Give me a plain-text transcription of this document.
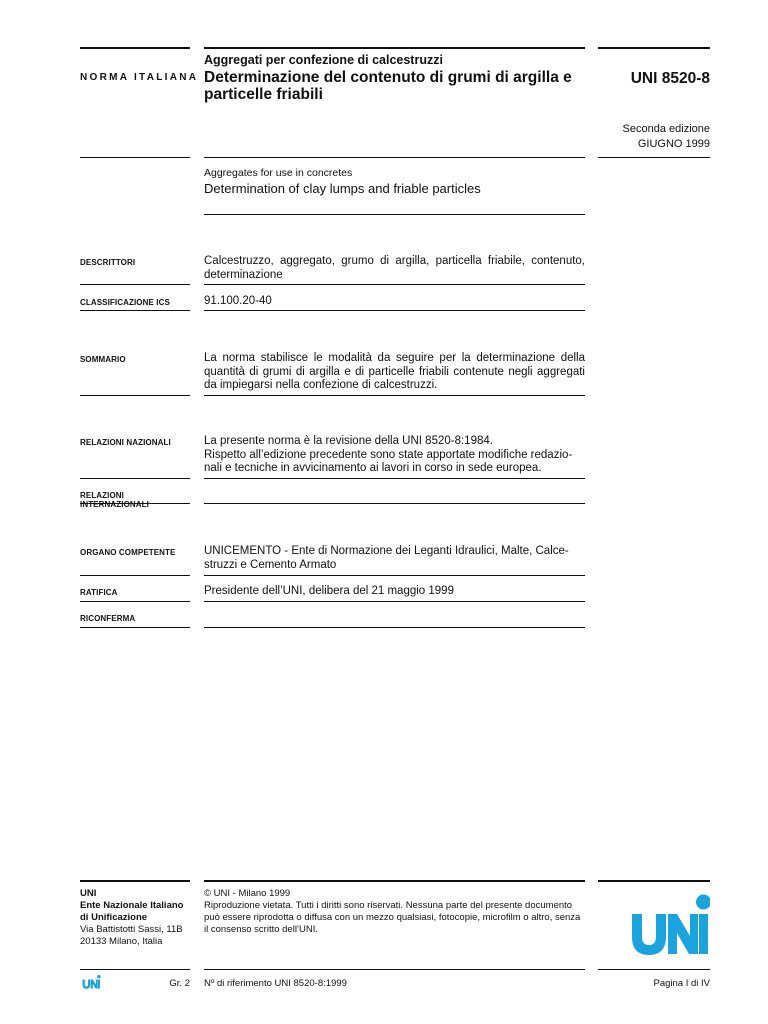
NORMA ITALIANA
Aggregati per confezione di calcestruzzi
Determinazione del contenuto di grumi di argilla e
particelle friabili
UNI 8520-8
Seconda edizione
GIUGNO 1999
Aggregates for use in concretes
Determination of clay lumps and friable particles
DESCRITTORI	Calcestruzzo, aggregato, grumo di argilla, particella friabile, contenuto, determinazione
CLASSIFICAZIONE ICS	91.100.20-40
SOMMARIO	La norma stabilisce le modalità da seguire per la determinazione della quantità di grumi di argilla e di particelle friabili contenute negli aggregati da impiegarsi nella confezione di calcestruzzi.
RELAZIONI NAZIONALI	La presente norma è la revisione della UNI 8520-8:1984.
Rispetto all’edizione precedente sono state apportate modifiche redazio-
nali e tecniche in avvicinamento ai lavori in corso in sede europea.
RELAZIONI INTERNAZIONALI
ORGANO COMPETENTE	UNICEMENTO - Ente di Normazione dei Leganti Idraulici, Malte, Calce-
struzzi e Cemento Armato
RATIFICA	Presidente dell’UNI, delibera del 21 maggio 1999
RICONFERMA
UNI
Ente Nazionale Italiano
di Unificazione
Via Battistotti Sassi, 11B
20133 Milano, Italia
© UNI - Milano 1999
Riproduzione vietata. Tutti i diritti sono riservati. Nessuna parte del presente documento
può essere riprodotta o diffusa con un mezzo qualsiasi, fotocopie, microfilm o altro, senza
il consenso scritto dell’UNI.
Gr. 2 Nº di riferimento UNI 8520-8:1999	Pagina I di IV
